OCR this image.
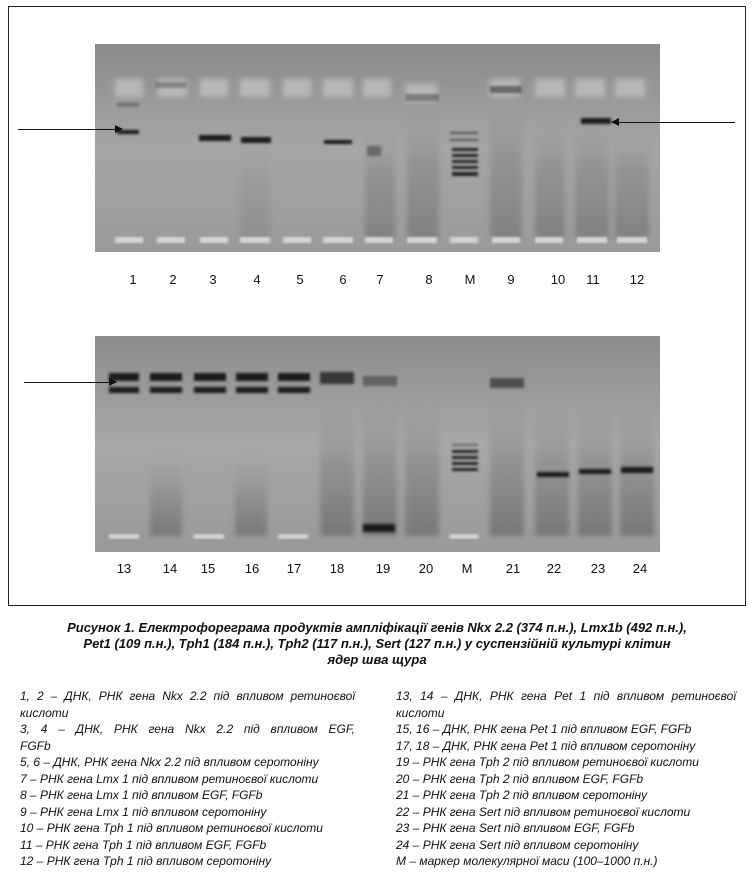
1	2	3	4	5	6	7	8	M	9	10	11	12
13	14	15	16	17	18	19	20	M	21	22	23	24
Рисунок 1. Електрофореграма продуктів ампліфікації генів Nkx 2.2 (374 п.н.), Lmx1b (492 п.н.),
Pet1 (109 п.н.), Tph1 (184 п.н.), Tph2 (117 п.н.), Sert (127 п.н.) у суспензійній культурі клітин
ядер шва щура
1, 2 – ДНК, РНК гена Nkx 2.2 під впливом ретиноєвої
кислоти
3, 4 – ДНК, РНК гена Nkx 2.2 під впливом EGF,
FGFb
5, 6 – ДНК, РНК гена Nkx 2.2 під впливом серотоніну
7 – РНК гена Lmx 1 під впливом ретиноєвої кислоти
8 – РНК гена Lmx 1 під впливом EGF, FGFb
9 – РНК гена Lmx 1 під впливом серотоніну
10 – РНК гена Tph 1 під впливом ретиноєвої кислоти
11 – РНК гена Tph 1 під впливом EGF, FGFb
12 – РНК гена Tph 1 під впливом серотоніну
13, 14 – ДНК, РНК гена Pet 1 під впливом ретиноєвої
кислоти
15, 16 – ДНК, РНК гена Pet 1 під впливом EGF, FGFb
17, 18 – ДНК, РНК гена Pet 1 під впливом серотоніну
19 – РНК гена Tph 2 під впливом ретиноєвої кислоти
20 – РНК гена Tph 2 під впливом EGF, FGFb
21 – РНК гена Tph 2 під впливом серотоніну
22 – РНК гена Sert під впливом ретиноєвої кислоти
23 – РНК гена Sert під впливом EGF, FGFb
24 – РНК гена Sert під впливом серотоніну
М – маркер молекулярної маси (100–1000 п.н.)
